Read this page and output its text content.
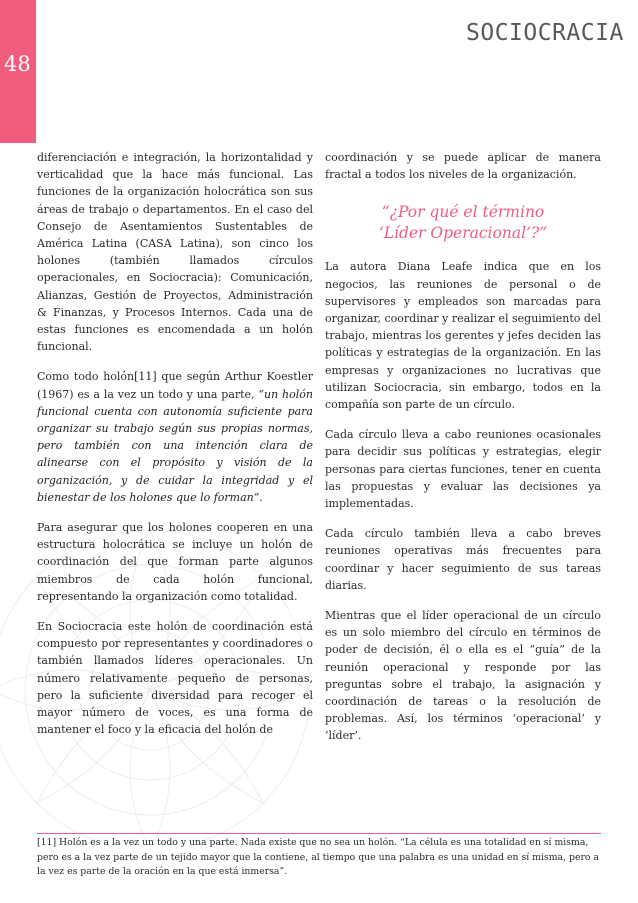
48
SOCIOCRACIA

diferenciación e integración, la horizontalidad y verticalidad que la hace más funcional. Las funciones de la organización holocrática son sus áreas de trabajo o departamentos. En el caso del Consejo de Asentamientos Sustentables de América Latina (CASA Latina), son cinco los holones (también llamados círculos operacionales, en Sociocracia): Comunicación, Alianzas, Gestión de Proyectos, Administración & Finanzas, y Procesos Internos. Cada una de estas funciones es encomendada a un holón funcional.

Como todo holón[11] que según Arthur Koestler (1967) es a la vez un todo y una parte, “un holón funcional cuenta con autonomía suficiente para organizar su trabajo según sus propias normas, pero también con una intención clara de alinearse con el propósito y visión de la organización, y de cuidar la integridad y el bienestar de los holones que lo forman”.

Para asegurar que los holones cooperen en una estructura holocrática se incluye un holón de coordinación del que forman parte algunos miembros de cada holón funcional, representando la organización como totalidad.

En Sociocracia este holón de coordinación está compuesto por representantes y coordinadores o también llamados líderes operacionales. Un número relativamente pequeño de personas, pero la suficiente diversidad para recoger el mayor número de voces, es una forma de mantener el foco y la eficacia del holón de

coordinación y se puede aplicar de manera fractal a todos los niveles de la organización.

“¿Por qué el término
‘Líder Operacional’?”

La autora Diana Leafe indica que en los negocios, las reuniones de personal o de supervisores y empleados son marcadas para organizar, coordinar y realizar el seguimiento del trabajo, mientras los gerentes y jefes deciden las políticas y estrategias de la organización. En las empresas y organizaciones no lucrativas que utilizan Sociocracia, sin embargo, todos en la compañía son parte de un círculo.

Cada círculo lleva a cabo reuniones ocasionales para decidir sus políticas y estrategias, elegir personas para ciertas funciones, tener en cuenta las propuestas y evaluar las decisiones ya implementadas.

Cada círculo también lleva a cabo breves reuniones operativas más frecuentes para coordinar y hacer seguimiento de sus tareas diarias.

Mientras que el líder operacional de un círculo es un solo miembro del círculo en términos de poder de decisión, él o ella es el “guía” de la reunión operacional y responde por las preguntas sobre el trabajo, la asignación y coordinación de tareas o la resolución de problemas. Así, los términos ‘operacional’ y ‘líder’.

[11] Holón es a la vez un todo y una parte. Nada existe que no sea un holón. “La célula es una totalidad en sí misma, pero es a la vez parte de un tejido mayor que la contiene, al tiempo que una palabra es una unidad en sí misma, pero a la vez es parte de la oración en la que está inmersa”.
